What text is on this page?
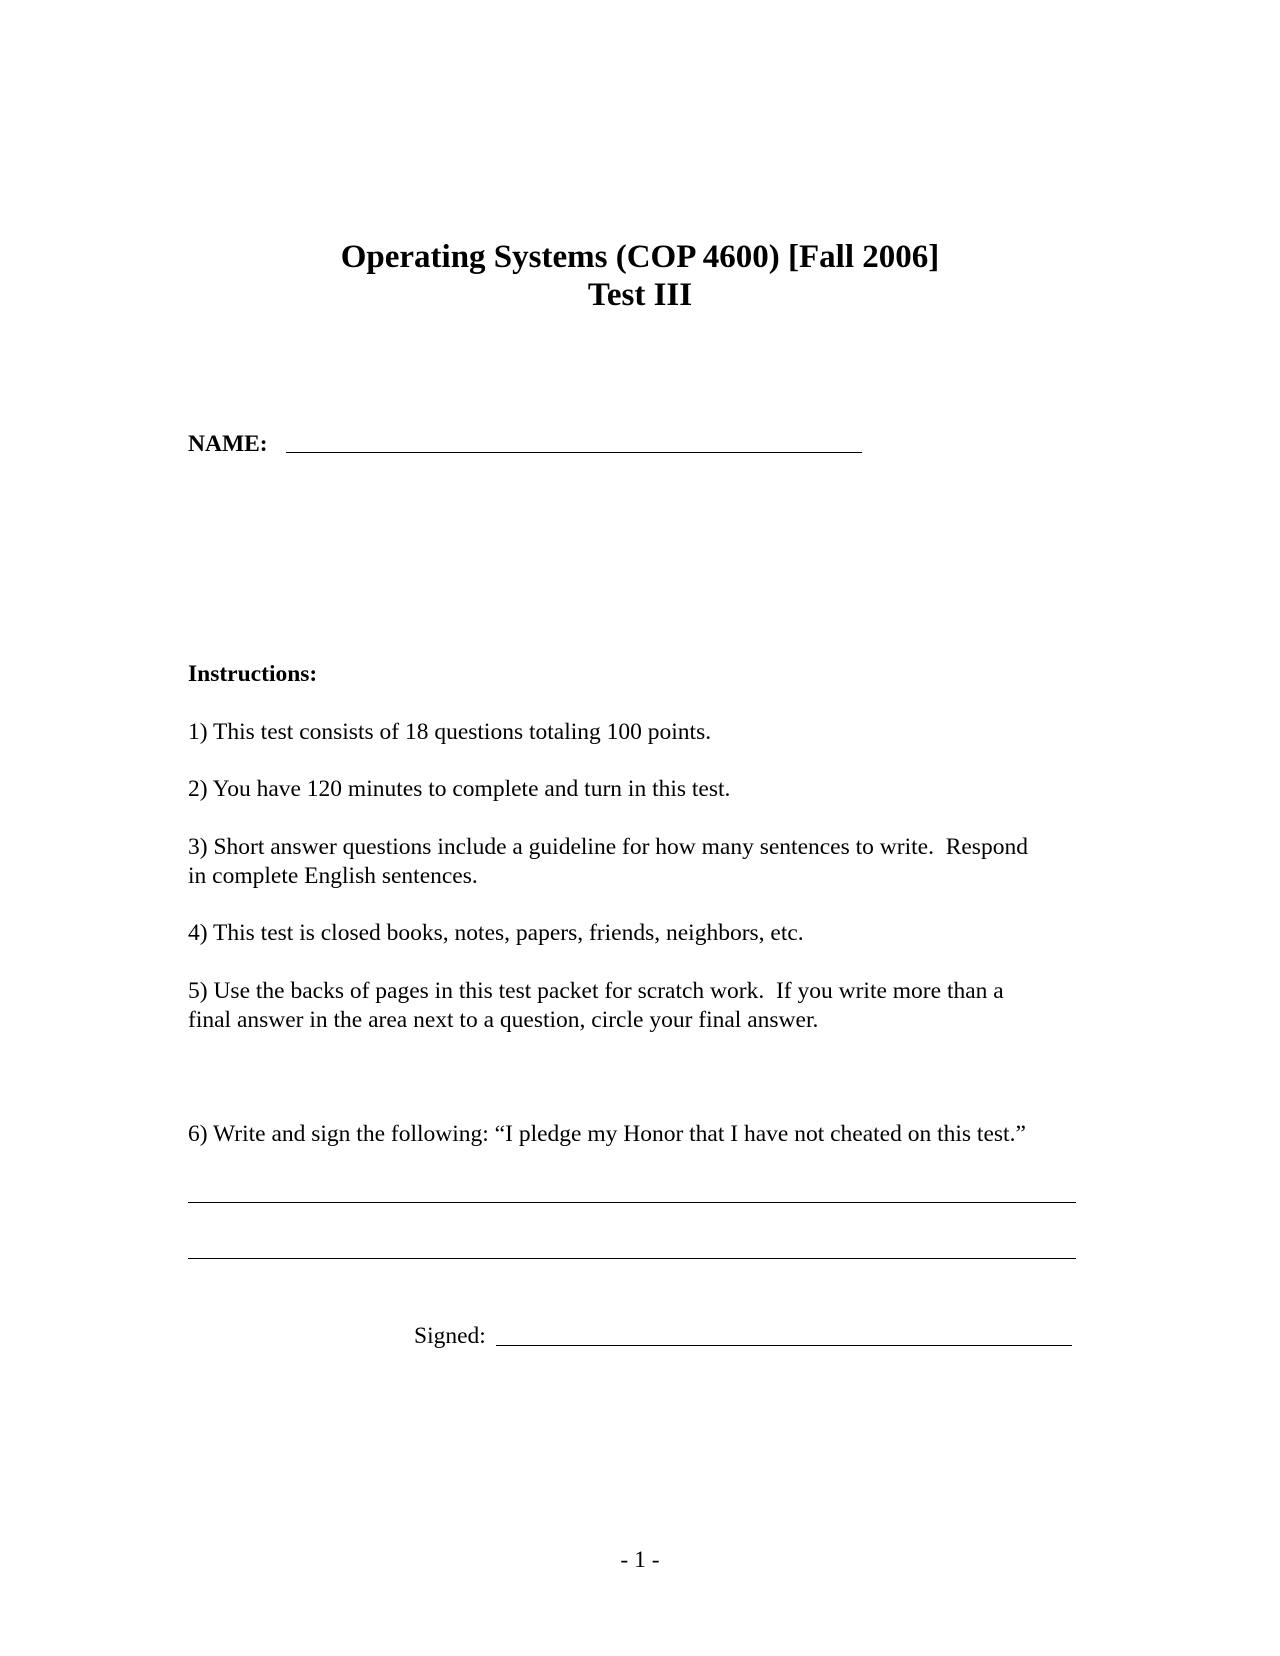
Operating Systems (COP 4600) [Fall 2006]
Test III
NAME:
Instructions:
1) This test consists of 18 questions totaling 100 points.
2) You have 120 minutes to complete and turn in this test.
3) Short answer questions include a guideline for how many sentences to write.  Respond
in complete English sentences.
4) This test is closed books, notes, papers, friends, neighbors, etc.
5) Use the backs of pages in this test packet for scratch work.  If you write more than a
final answer in the area next to a question, circle your final answer.
6) Write and sign the following: “I pledge my Honor that I have not cheated on this test.”
Signed:
- 1 -
